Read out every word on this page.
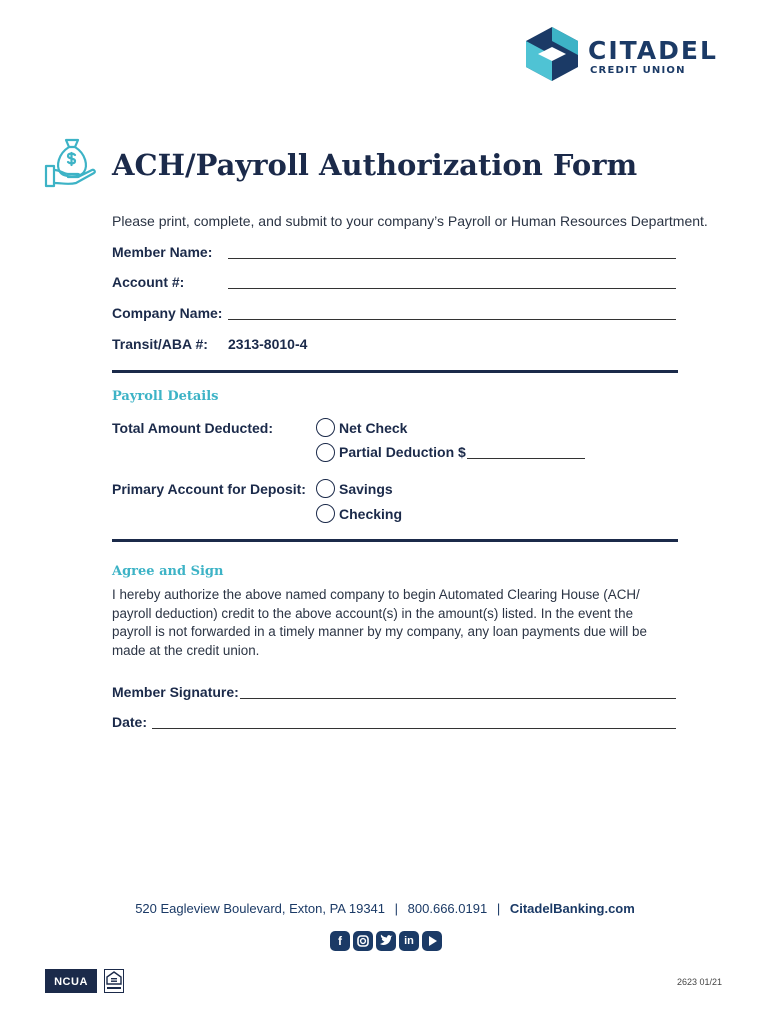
CITADEL
CREDIT UNION
ACH/Payroll Authorization Form
Please print, complete, and submit to your company’s Payroll or Human Resources Department.
Member Name:
Account #:
Company Name:
Transit/ABA #: 2313-8010-4
Payroll Details
Total Amount Deducted:	Net Check
Partial Deduction $
Primary Account for Deposit: Savings
Checking
Agree and Sign
I hereby authorize the above named company to begin Automated Clearing House (ACH/ payroll deduction) credit to the above account(s) in the amount(s) listed. In the event the payroll is not forwarded in a timely manner by my company, any loan payments due will be made at the credit union.
Member Signature:
Date:
520 Eagleview Boulevard, Exton, PA 19341 | 800.666.0191 | CitadelBanking.com
f	in
NCUA	2623 01/21
